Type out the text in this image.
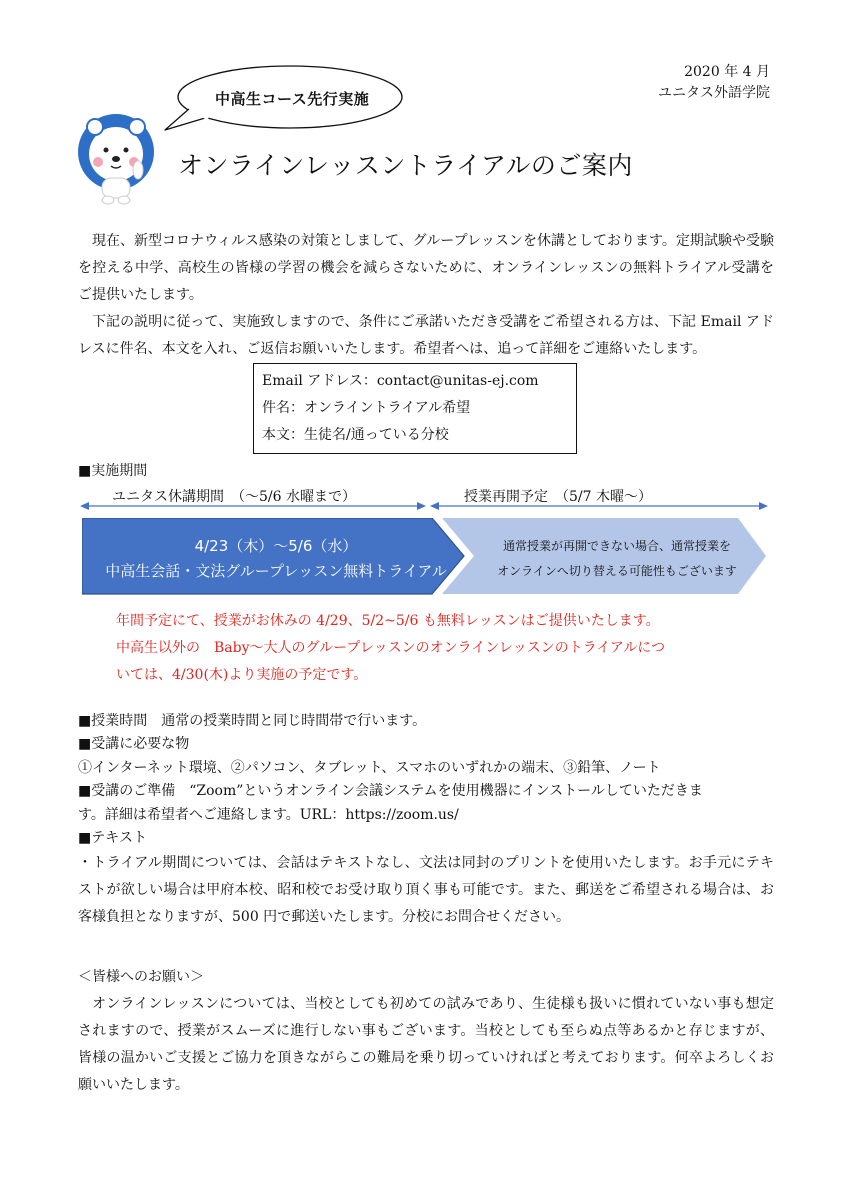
2020 年 4 月
ユニタス外語学院
中高生コース先行実施
オンラインレッスントライアルのご案内

現在、新型コロナウィルス感染の対策としまして、グループレッスンを休講としております。定期試験や受験を控える中学、高校生の皆様の学習の機会を減らさないために、オンラインレッスンの無料トライアル受講をご提供いたします。

下記の説明に従って、実施致しますので、条件にご承諾いただき受講をご希望される方は、下記 Email アドレスに件名、本文を入れ、ご返信お願いいたします。希望者へは、追って詳細をご連絡いたします。

Email アドレス：contact@unitas-ej.com
件名：オンライントライアル希望
本文：生徒名/通っている分校
■実施期間
ユニタス休講期間　（～5/6 水曜まで）	授業再開予定　（5/7 木曜～）
4/23（木）～5/6（水）
中高生会話・文法グループレッスン無料トライアル
通常授業が再開できない場合、通常授業を
オンラインへ切り替える可能性もございます

年間予定にて、授業がお休みの 4/29、5/2~5/6 も無料レッスンはご提供いたします。

中高生以外の　Baby～大人のグループレッスンのオンラインレッスンのトライアルにつ

いては、4/30(木)より実施の予定です。

■授業時間　通常の授業時間と同じ時間帯で行います。

■受講に必要な物

①インターネット環境、②パソコン、タブレット、スマホのいずれかの端末、③鉛筆、ノート

■受講のご準備　“Zoom”というオンライン会議システムを使用機器にインストールしていただきま

す。詳細は希望者へご連絡します。URL：https://zoom.us/

■テキスト

・トライアル期間については、会話はテキストなし、文法は同封のプリントを使用いたします。お手元にテキストが欲しい場合は甲府本校、昭和校でお受け取り頂く事も可能です。また、郵送をご希望される場合は、お客様負担となりますが、500 円で郵送いたします。分校にお問合せください。

＜皆様へのお願い＞

オンラインレッスンについては、当校としても初めての試みであり、生徒様も扱いに慣れていない事も想定されますので、授業がスムーズに進行しない事もございます。当校としても至らぬ点等あるかと存じますが、皆様の温かいご支援とご協力を頂きながらこの難局を乗り切っていければと考えております。何卒よろしくお願いいたします。
